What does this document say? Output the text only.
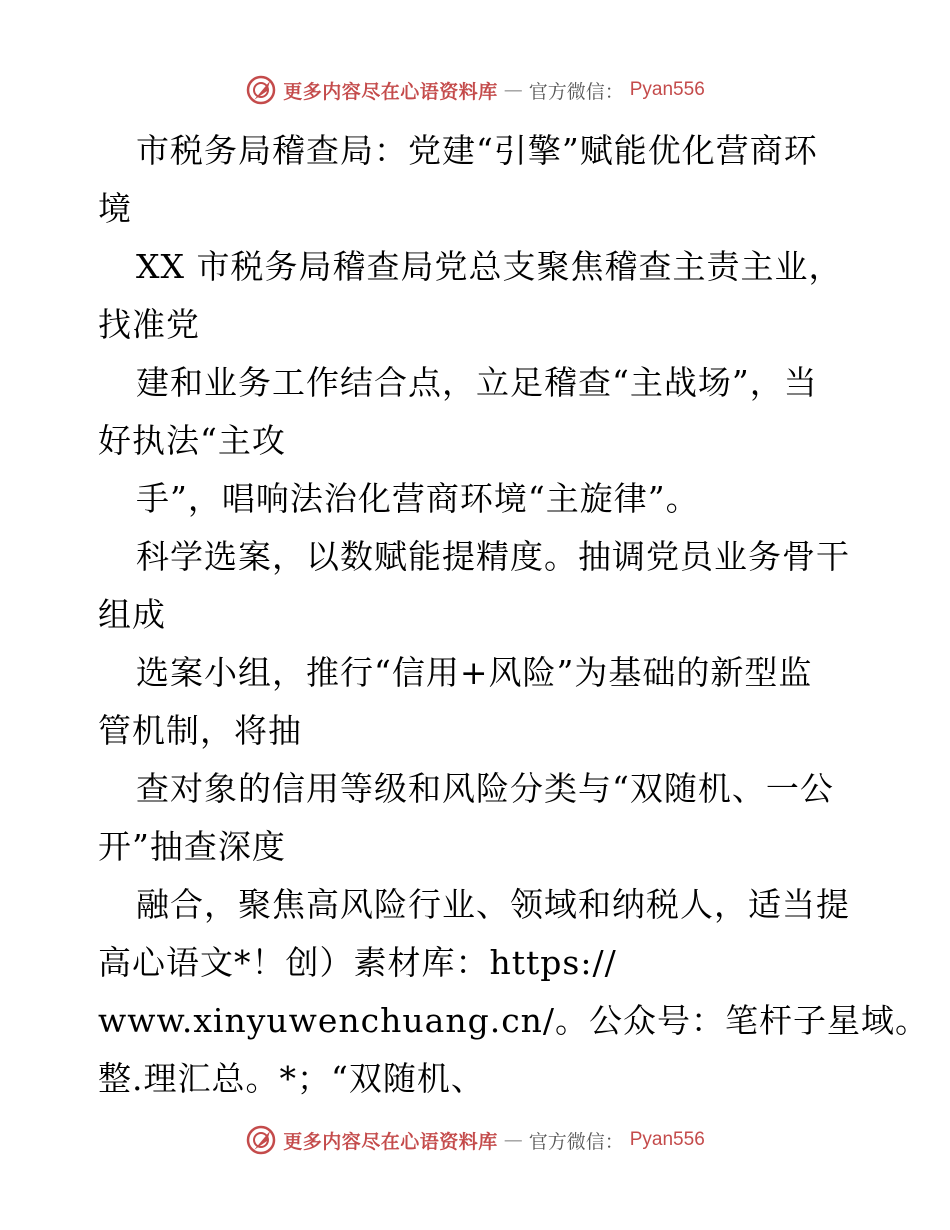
更多内容尽在心语资料库 — 官方微信： Pyan556
市税务局稽查局：党建“引擎”赋能优化营商环
境
XX 市税务局稽查局党总支聚焦稽查主责主业，
找准党
建和业务工作结合点，立足稽查“主战场”，当
好执法“主攻
手”，唱响法治化营商环境“主旋律”。
科学选案，以数赋能提精度。抽调党员业务骨干
组成
选案小组，推行“信用+风险”为基础的新型监
管机制，将抽
查对象的信用等级和风险分类与“双随机、一公
开”抽查深度
融合，聚焦高风险行业、领域和纳税人，适当提
高心语文*！创）素材库：https://
www.xinyuwenchuang.cn/。公众号：笔杆子星域。
整.理汇总。*；“双随机、
更多内容尽在心语资料库 — 官方微信： Pyan556
